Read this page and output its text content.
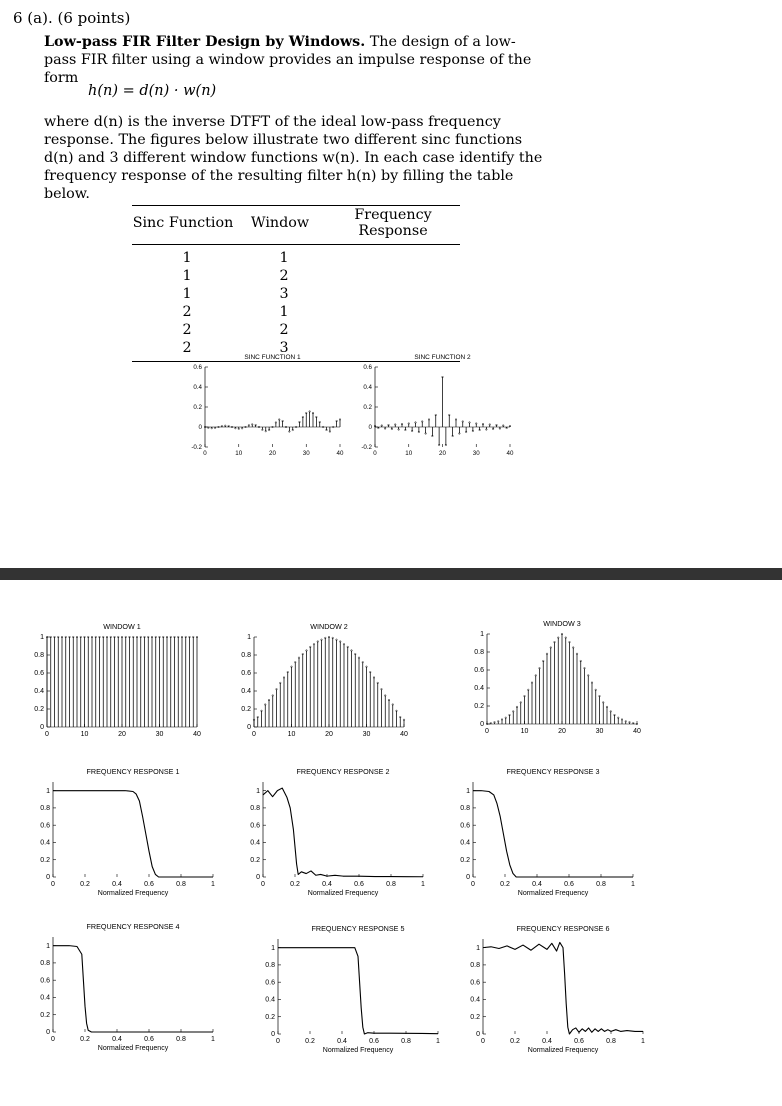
6 (a). (6 points)
Low-pass FIR Filter Design by Windows. The design of a low-pass FIR filter using a window provides an impulse response of the form
h(n) = d(n) · w(n)
where d(n) is the inverse DTFT of the ideal low-pass frequency response. The figures below illustrate two different sinc functions d(n) and 3 different window functions w(n). In each case identify the frequency response of the resulting filter h(n) by filling the table below.
Sinc Function	Window	Frequency Response
1	1	
1	2	
1	3	
2	1	
2	2	
2	3	
SINC FUNCTION 1
-0.2
0
0.2
0.4
0.6
0	10	20	30	40
SINC FUNCTION 2
-0.2
0
0.2
0.4
0.6
0	10	20	30	40
WINDOW 1
0
0.2
0.4
0.6
0.8
1
0	10	20	30	40
WINDOW 2
0
0.2
0.4
0.6
0.8
1
0	10	20	30	40
WINDOW 3
0
0.2
0.4
0.6
0.8
1
0	10	20	30	40
FREQUENCY RESPONSE 1
0
0.2
0.4
0.6
0.8
1
0	0.2	0.4	0.6	0.8	1
Normalized Frequency
FREQUENCY RESPONSE 2
0
0.2
0.4
0.6
0.8
1
0	0.2	0.4	0.6	0.8	1
Normalized Frequency
FREQUENCY RESPONSE 3
0
0.2
0.4
0.6
0.8
1
0	0.2	0.4	0.6	0.8	1
Normalized Frequency
FREQUENCY RESPONSE 4
0
0.2
0.4
0.6
0.8
1
0	0.2	0.4	0.6	0.8	1
Normalized Frequency
FREQUENCY RESPONSE 5
0
0.2
0.4
0.6
0.8
1
0	0.2	0.4	0.6	0.8	1
Normalized Frequency
FREQUENCY RESPONSE 6
0
0.2
0.4
0.6
0.8
1
0	0.2	0.4	0.6	0.8	1
Normalized Frequency
